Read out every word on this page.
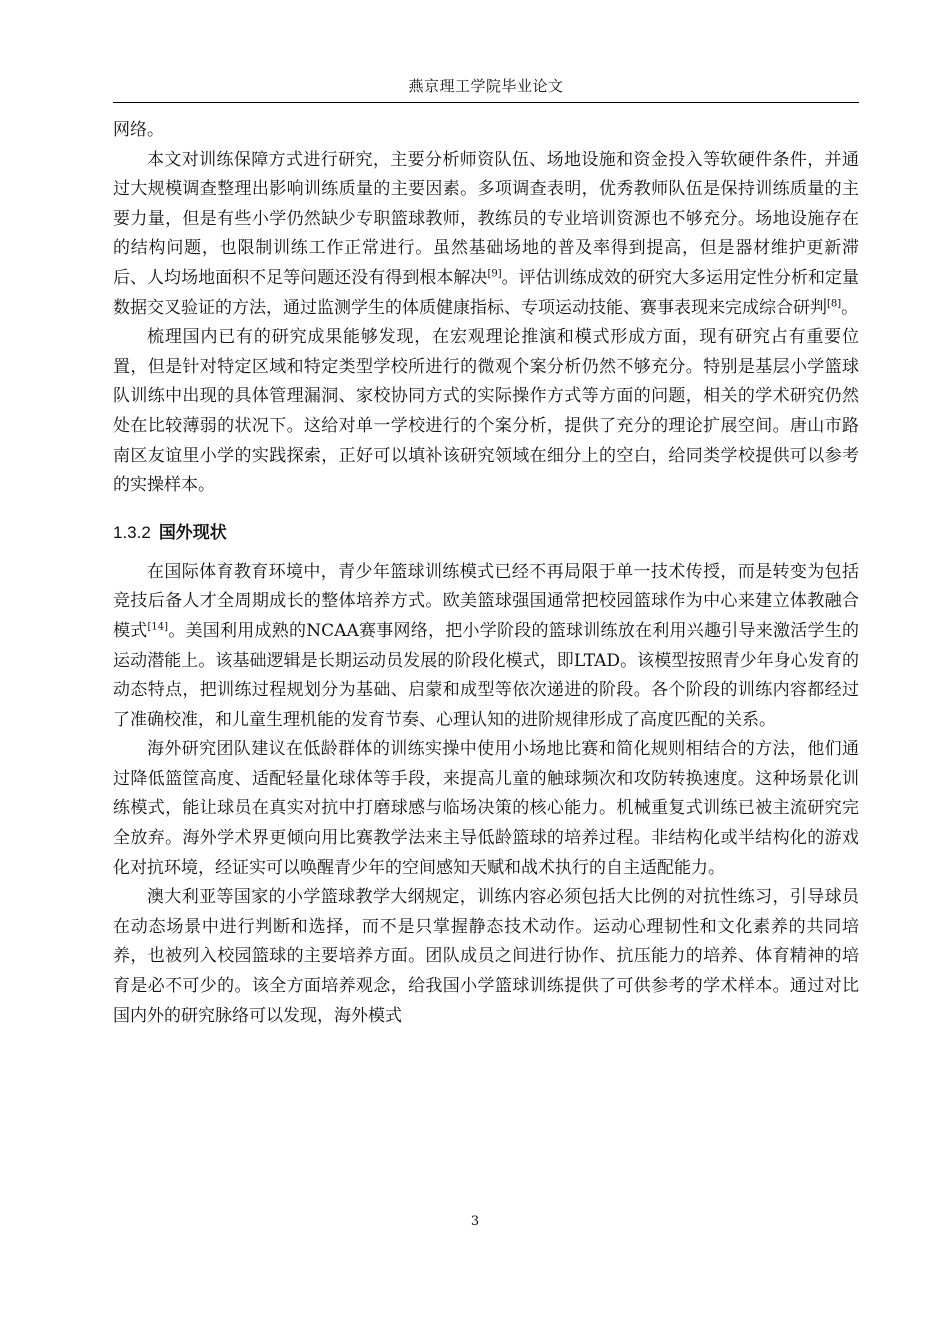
燕京理工学院毕业论文

网络。

本文对训练保障方式进行研究，主要分析师资队伍、场地设施和资金投入等软硬件条件，并通过大规模调查整理出影响训练质量的主要因素。多项调查表明，优秀教师队伍是保持训练质量的主要力量，但是有些小学仍然缺少专职篮球教师，教练员的专业培训资源也不够充分。场地设施存在的结构问题，也限制训练工作正常进行。虽然基础场地的普及率得到提高，但是器材维护更新滞后、人均场地面积不足等问题还没有得到根本解决[9]。评估训练成效的研究大多运用定性分析和定量数据交叉验证的方法，通过监测学生的体质健康指标、专项运动技能、赛事表现来完成综合研判[8]。

梳理国内已有的研究成果能够发现，在宏观理论推演和模式形成方面，现有研究占有重要位置，但是针对特定区域和特定类型学校所进行的微观个案分析仍然不够充分。特别是基层小学篮球队训练中出现的具体管理漏洞、家校协同方式的实际操作方式等方面的问题，相关的学术研究仍然处在比较薄弱的状况下。这给对单一学校进行的个案分析，提供了充分的理论扩展空间。唐山市路南区友谊里小学的实践探索，正好可以填补该研究领域在细分上的空白，给同类学校提供可以参考的实操样本。

1.3.2 国外现状

在国际体育教育环境中，青少年篮球训练模式已经不再局限于单一技术传授，而是转变为包括竞技后备人才全周期成长的整体培养方式。欧美篮球强国通常把校园篮球作为中心来建立体教融合模式[14]。美国利用成熟的NCAA赛事网络，把小学阶段的篮球训练放在利用兴趣引导来激活学生的运动潜能上。该基础逻辑是长期运动员发展的阶段化模式，即LTAD。该模型按照青少年身心发育的动态特点，把训练过程规划分为基础、启蒙和成型等依次递进的阶段。各个阶段的训练内容都经过了准确校准，和儿童生理机能的发育节奏、心理认知的进阶规律形成了高度匹配的关系。

海外研究团队建议在低龄群体的训练实操中使用小场地比赛和简化规则相结合的方法，他们通过降低篮筐高度、适配轻量化球体等手段，来提高儿童的触球频次和攻防转换速度。这种场景化训练模式，能让球员在真实对抗中打磨球感与临场决策的核心能力。机械重复式训练已被主流研究完全放弃。海外学术界更倾向用比赛教学法来主导低龄篮球的培养过程。非结构化或半结构化的游戏化对抗环境，经证实可以唤醒青少年的空间感知天赋和战术执行的自主适配能力。

澳大利亚等国家的小学篮球教学大纲规定，训练内容必须包括大比例的对抗性练习，引导球员在动态场景中进行判断和选择，而不是只掌握静态技术动作。运动心理韧性和文化素养的共同培养，也被列入校园篮球的主要培养方面。团队成员之间进行协作、抗压能力的培养、体育精神的培育是必不可少的。该全方面培养观念，给我国小学篮球训练提供了可供参考的学术样本。通过对比国内外的研究脉络可以发现，海外模式

3
